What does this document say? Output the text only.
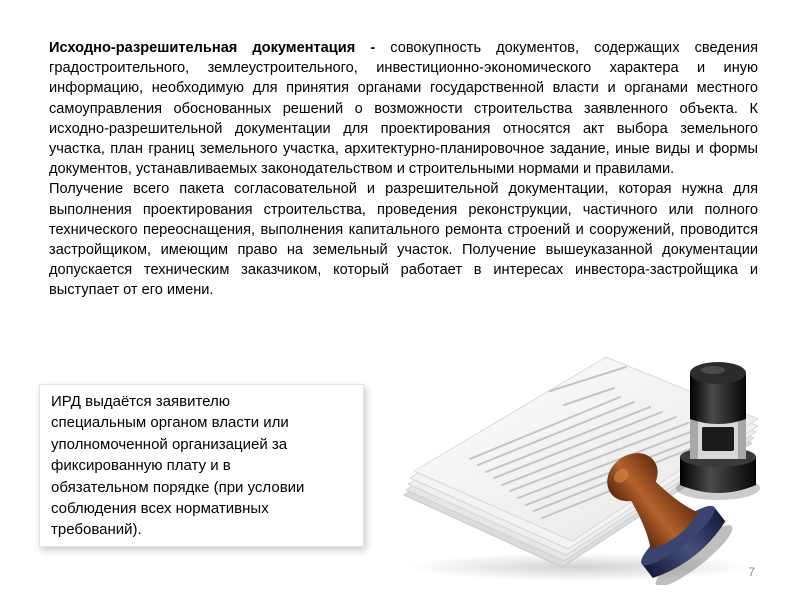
Исходно-разрешительная документация - совокупность документов, содержащих сведения градостроительного, землеустроительного, инвестиционно-экономического характера и иную информацию, необходимую для принятия органами государственной власти и органами местного самоуправления обоснованных решений о возможности строительства заявленного объекта. К исходно-разрешительной документации для проектирования относятся акт выбора земельного участка, план границ земельного участка, архитектурно-планировочное задание, иные виды и формы документов, устанавливаемых законодательством и строительными нормами и правилами.

Получение всего пакета согласовательной и разрешительной документации, которая нужна для выполнения проектирования строительства, проведения реконструкции, частичного или полного технического переоснащения, выполнения капитального ремонта строений и сооружений, проводится застройщиком, имеющим право на земельный участок. Получение вышеуказанной документации допускается техническим заказчиком, который работает в интересах инвестора-застройщика и выступает от его имени.

ИРД выдаётся заявителю
специальным органом власти или
уполномоченной организацией за
фиксированную плату и в
обязательном порядке (при условии
соблюдения всех нормативных
требований).
7
